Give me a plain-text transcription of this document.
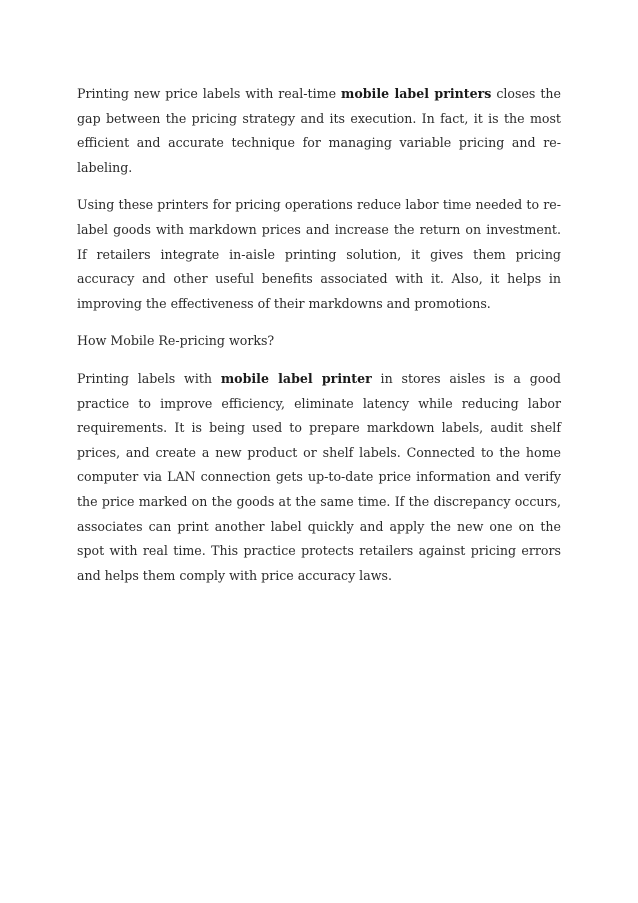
Printing new price labels with real-time mobile label printers closes the gap between the pricing strategy and its execution. In fact, it is the most efficient and accurate technique for managing variable pricing and re-labeling.

Using these printers for pricing operations reduce labor time needed to re-label goods with markdown prices and increase the return on investment. If retailers integrate in-aisle printing solution, it gives them pricing accuracy and other useful benefits associated with it. Also, it helps in improving the effectiveness of their markdowns and promotions.

How Mobile Re-pricing works?

Printing labels with mobile label printer in stores aisles is a good practice to improve efficiency, eliminate latency while reducing labor requirements. It is being used to prepare markdown labels, audit shelf prices, and create a new product or shelf labels. Connected to the home computer via LAN connection gets up-to-date price information and verify the price marked on the goods at the same time. If the discrepancy occurs, associates can print another label quickly and apply the new one on the spot with real time. This practice protects retailers against pricing errors and helps them comply with price accuracy laws.
